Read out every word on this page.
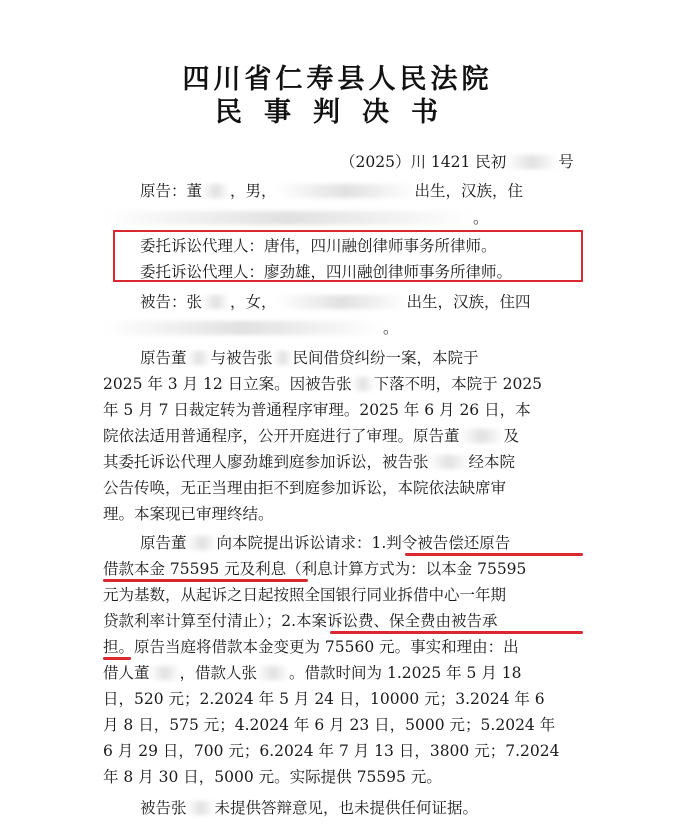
四川省仁寿县人民法院
民事判决书
（2025）川 1421 民初	号
原告：董 ，男，	出生，汉族，住
。
委托诉讼代理人：唐伟，四川融创律师事务所律师。
委托诉讼代理人：廖劲雄，四川融创律师事务所律师。
被告：张 ，女，	出生，汉族，住四
。
原告董 与被告张 民间借贷纠纷一案，本院于
2025 年 3 月 12 日立案。因被告张 下落不明，本院于 2025
年 5 月 7 日裁定转为普通程序审理。2025 年 6 月 26 日，本
院依法适用普通程序，公开开庭进行了审理。原告董	及
其委托诉讼代理人廖劲雄到庭参加诉讼，被告张	经本院
公告传唤，无正当理由拒不到庭参加诉讼，本院依法缺席审
理。本案现已审理终结。
原告董 向本院提出诉讼请求：1.判令被告偿还原告
借款本金 75595 元及利息（利息计算方式为：以本金 75595
元为基数，从起诉之日起按照全国银行同业拆借中心一年期
贷款利率计算至付清止）；2.本案诉讼费、保全费由被告承
担。原告当庭将借款本金变更为 75560 元。事实和理由：出
借人董 ，借款人张 。借款时间为 1.2025 年 5 月 18
日，520 元；2.2024 年 5 月 24 日，10000 元；3.2024 年 6
月 8 日，575 元；4.2024 年 6 月 23 日，5000 元；5.2024 年
6 月 29 日，700 元；6.2024 年 7 月 13 日，3800 元；7.2024
年 8 月 30 日，5000 元。实际提供 75595 元。
被告张 未提供答辩意见，也未提供任何证据。
